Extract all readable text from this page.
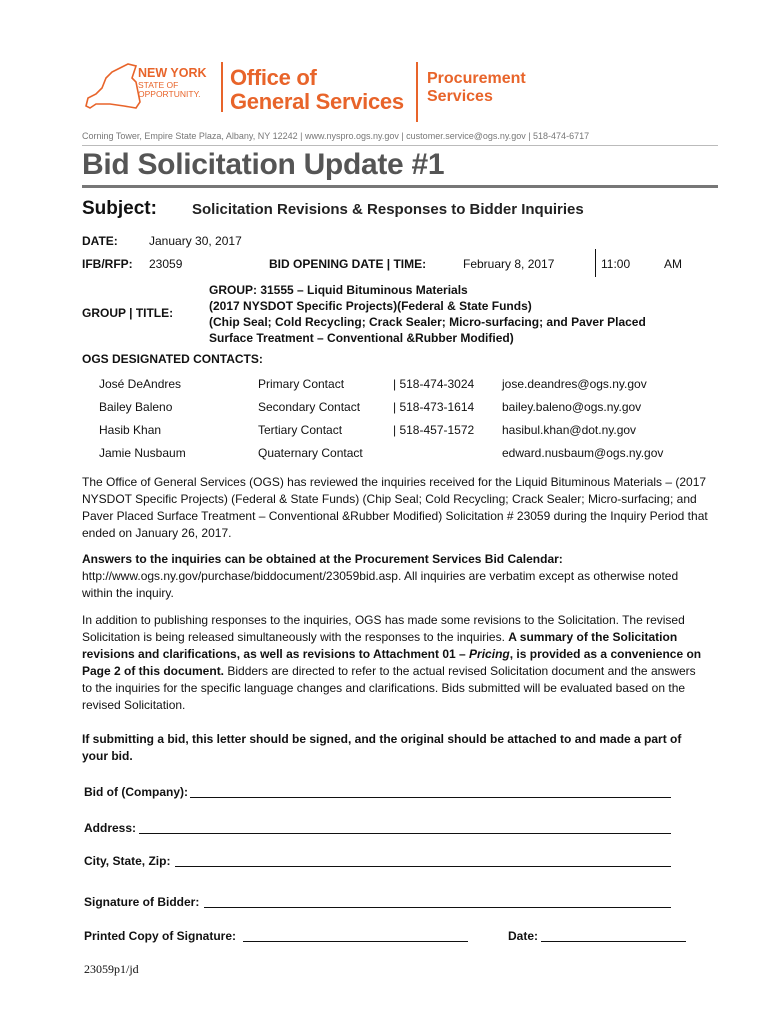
NEW YORK
STATE OF
OPPORTUNITY.
Office of
General Services
Procurement
Services
Corning Tower, Empire State Plaza, Albany, NY 12242 | www.nyspro.ogs.ny.gov | customer.service@ogs.ny.gov | 518-474-6717
Bid Solicitation Update #1
Subject: Solicitation Revisions & Responses to Bidder Inquiries
DATE:	January 30, 2017
IFB/RFP: 23059	BID OPENING DATE | TIME:	February 8, 2017	11:00	AM
GROUP | TITLE:
GROUP: 31555 – Liquid Bituminous Materials
(2017 NYSDOT Specific Projects)(Federal & State Funds)
(Chip Seal; Cold Recycling; Crack Sealer; Micro-surfacing; and Paver Placed
Surface Treatment – Conventional &Rubber Modified)
OGS DESIGNATED CONTACTS:
José DeAndres	Primary Contact	| 518-474-3024 jose.deandres@ogs.ny.gov
Bailey Baleno	Secondary Contact	| 518-473-1614 bailey.baleno@ogs.ny.gov
Hasib Khan	Tertiary Contact	| 518-457-1572 hasibul.khan@dot.ny.gov
Jamie Nusbaum	Quaternary Contact	edward.nusbaum@ogs.ny.gov
The Office of General Services (OGS) has reviewed the inquiries received for the Liquid Bituminous Materials – (2017 NYSDOT Specific Projects) (Federal & State Funds) (Chip Seal; Cold Recycling; Crack Sealer; Micro-surfacing; and Paver Placed Surface Treatment – Conventional &Rubber Modified) Solicitation # 23059 during the Inquiry Period that ended on January 26, 2017.
Answers to the inquiries can be obtained at the Procurement Services Bid Calendar:
http://www.ogs.ny.gov/purchase/biddocument/23059bid.asp. All inquiries are verbatim except as otherwise noted within the inquiry.
In addition to publishing responses to the inquiries, OGS has made some revisions to the Solicitation. The revised Solicitation is being released simultaneously with the responses to the inquiries. A summary of the Solicitation revisions and clarifications, as well as revisions to Attachment 01 – Pricing, is provided as a convenience on Page 2 of this document. Bidders are directed to refer to the actual revised Solicitation document and the answers to the inquiries for the specific language changes and clarifications. Bids submitted will be evaluated based on the revised Solicitation.
If submitting a bid, this letter should be signed, and the original should be attached to and made a part of your bid.
Bid of (Company):
Address:
City, State, Zip:
Signature of Bidder:
Printed Copy of Signature:	Date:
23059p1/jd
